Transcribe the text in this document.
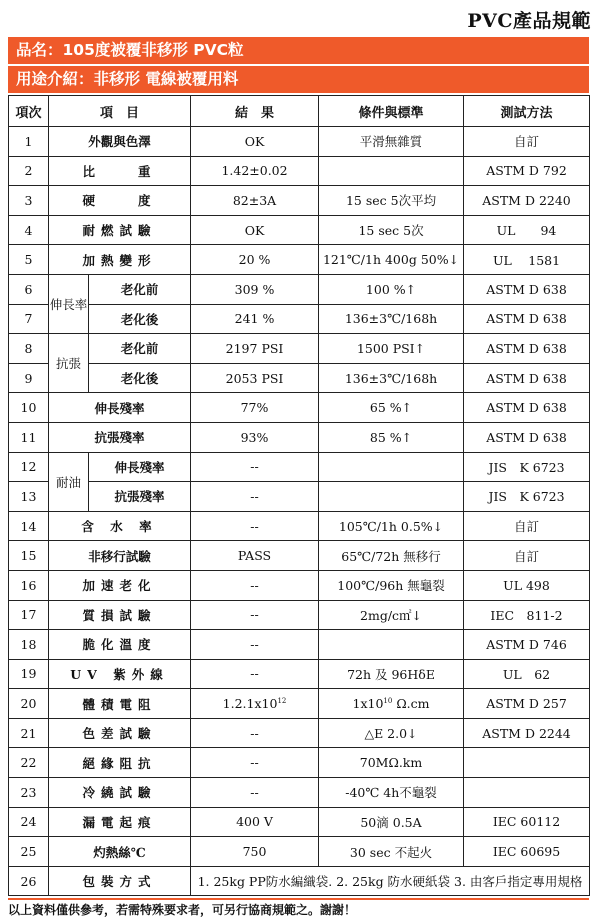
PVC產品規範
品名：105度被覆非移形 PVC粒
用途介紹：非移形 電線被覆用料
項次	項　目		結　果	條件與標準	測試方法
1	外觀與色澤		OK	平滑無雜質	自訂
2	比　　重		1.42±0.02		ASTM D 792
3	硬　　度		82±3A	15 sec 5次平均	ASTM D 2240
4	耐燃試驗		OK	15 sec 5次	UL　　94
5	加熱變形		20 %	121℃/1h 400g 50%↓	UL　 1581
6	伸長率	老化前	309 %	100 %↑	ASTM D 638
7		老化後	241 %	136±3℃/168h	ASTM D 638
8	抗張	老化前	2197 PSI	1500 PSI↑	ASTM D 638
9		老化後	2053 PSI	136±3℃/168h	ASTM D 638
10	伸長殘率		77%	65 %↑	ASTM D 638
11	抗張殘率		93%	85 %↑	ASTM D 638
12	耐油	伸長殘率	--		JIS　K 6723
13		抗張殘率	--		JIS　K 6723
14	含 水 率		--	105℃/1h 0.5%↓	自訂
15	非移行試驗		PASS	65℃/72h 無移行	自訂
16	加速老化		--	100℃/96h 無龜裂	UL 498
17	質損試驗		--	2mg/c㎡↓	IEC　811-2
18	脆化溫度		--		ASTM D 746
19	UV 紫外線		--	72h 及 96HδE	UL　62
20	體積電阻		$1.2.1x10^{12}$	$1x10^{10}$ Ω.cm	ASTM D 257
21	色差試驗		--	△E 2.0↓	ASTM D 2244
22	絕緣阻抗		--	70MΩ.km	
23	冷繞試驗		--	-40℃ 4h不龜裂	
24	漏電起痕		400 V	50滴 0.5A	IEC 60112
25	灼熱絲℃		750	30 sec 不起火	IEC 60695
26	包裝方式		1. 25kg PP防水編織袋. 2. 25kg 防水硬紙袋 3. 由客戶指定專用規格		
以上資料僅供參考，若需特殊要求者，可另行協商規範之。謝謝！
